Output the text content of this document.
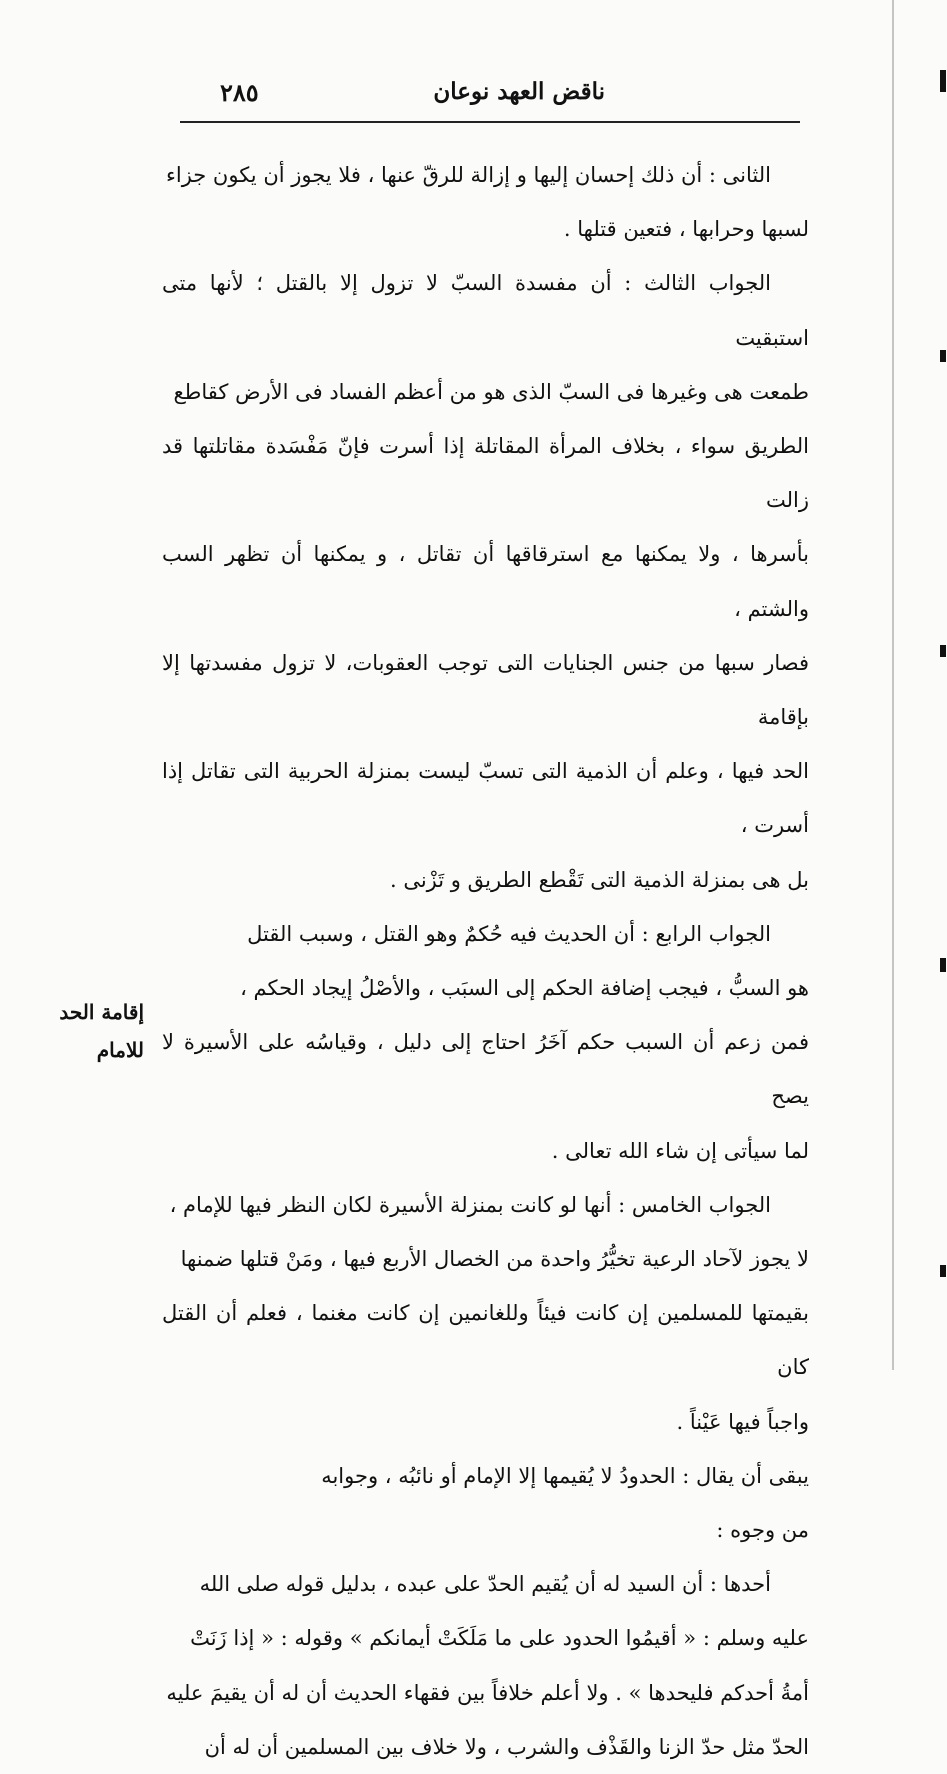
ناقض العهد نوعان
٢٨٥

الثانى : أن ذلك إحسان إليها و إزالة للرقّ عنها ، فلا يجوز أن يكون جزاء

لسبها وحرابها ، فتعين قتلها .

الجواب الثالث : أن مفسدة السبّ لا تزول إلا بالقتل ؛ لأنها متى استبقيت

طمعت هى وغيرها فى السبّ الذى هو من أعظم الفساد فى الأرض كقاطع

الطريق سواء ، بخلاف المرأة المقاتلة إذا أسرت فإنّ مَفْسَدة مقاتلتها قد زالت

بأسرها ، ولا يمكنها مع استرقاقها أن تقاتل ، و يمكنها أن تظهر السب والشتم ،

فصار سبها من جنس الجنايات التى توجب العقوبات، لا تزول مفسدتها إلا بإقامة

الحد فيها ، وعلم أن الذمية التى تسبّ ليست بمنزلة الحربية التى تقاتل إذا أسرت ،

بل هى بمنزلة الذمية التى تَقْطع الطريق و تَزْنى .

الجواب الرابع : أن الحديث فيه حُكمٌ وهو القتل ، وسبب القتل

هو السبُّ ، فيجب إضافة الحكم إلى السبَب ، والأصْلُ إيجاد الحكم ،

فمن زعم أن السبب حكم آخَرُ احتاج إلى دليل ، وقياسُه على الأسيرة لا يصح

لما سيأتى إن شاء الله تعالى .

الجواب الخامس : أنها لو كانت بمنزلة الأسيرة لكان النظر فيها للإمام ،

لا يجوز لآحاد الرعية تخيُّرُ واحدة من الخصال الأربع فيها ، ومَنْ قتلها ضمنها

بقيمتها للمسلمين إن كانت فيئاً وللغانمين إن كانت مغنما ، فعلم أن القتل كان

واجباً فيها عَيْناً .

يبقى أن يقال : الحدودُ لا يُقيمها إلا الإمام أو نائبُه ، وجوابه

من وجوه :

أحدها : أن السيد له أن يُقيم الحدّ على عبده ، بدليل قوله صلى الله

عليه وسلم : « أقيمُوا الحدود على ما مَلَكَتْ أيمانكم » وقوله : « إذا زَنَتْ

أمةُ أحدكم فليحدها » . ولا أعلم خلافاً بين فقهاء الحديث أن له أن يقيمَ عليه

الحدّ مثل حدّ الزنا والقَذْف والشرب ، ولا خلاف بين المسلمين أن له أن

إقامة الحد
للامام
